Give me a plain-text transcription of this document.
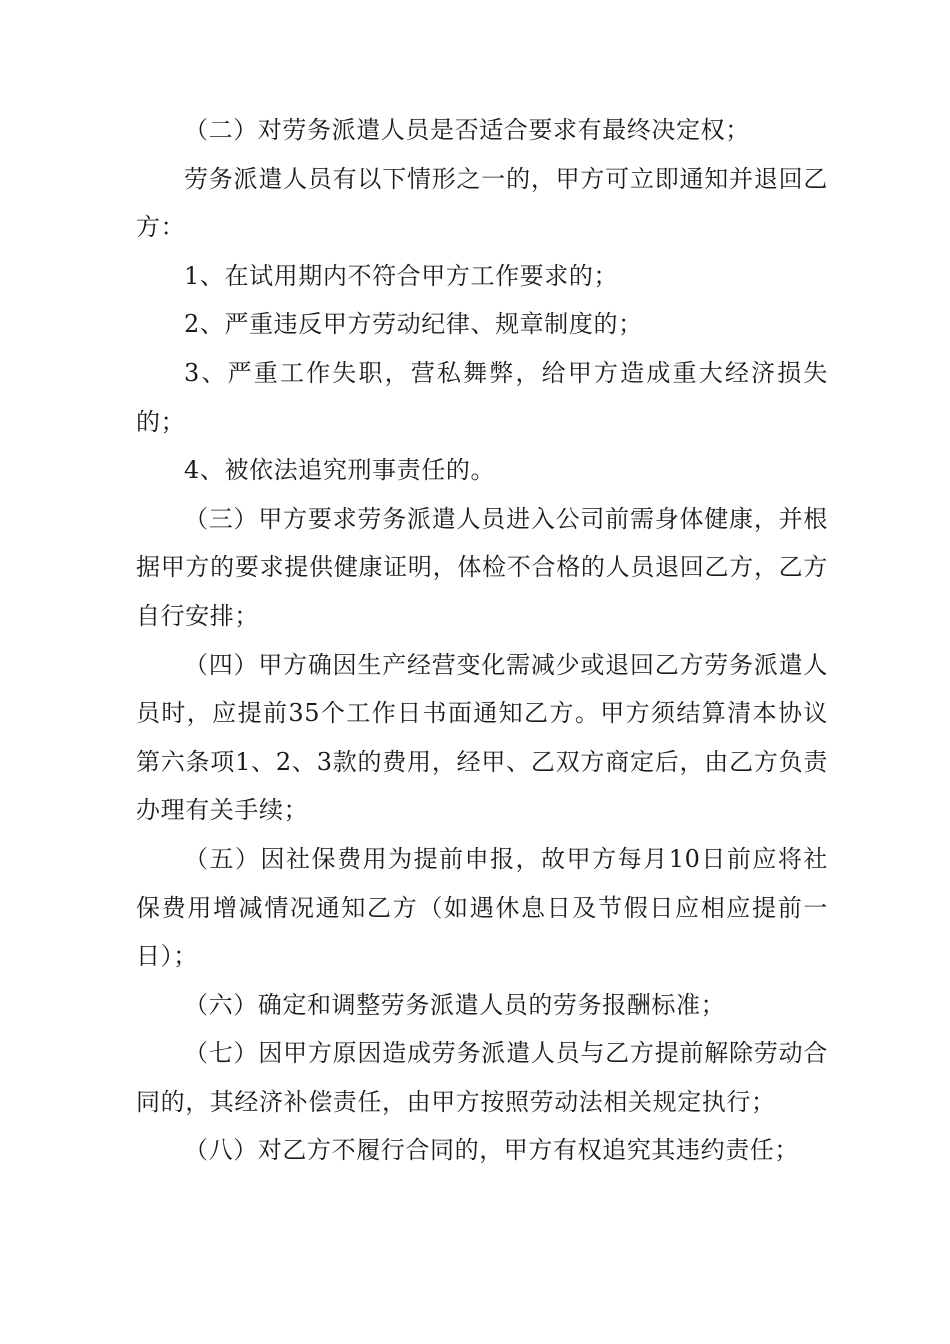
（二）对劳务派遣人员是否适合要求有最终决定权；

劳务派遣人员有以下情形之一的，甲方可立即通知并退回乙方：

1、在试用期内不符合甲方工作要求的；

2、严重违反甲方劳动纪律、规章制度的；

3、严重工作失职，营私舞弊，给甲方造成重大经济损失的；

4、被依法追究刑事责任的。

（三）甲方要求劳务派遣人员进入公司前需身体健康，并根据甲方的要求提供健康证明，体检不合格的人员退回乙方，乙方自行安排；

（四）甲方确因生产经营变化需减少或退回乙方劳务派遣人员时，应提前35个工作日书面通知乙方。甲方须结算清本协议第六条项1、2、3款的费用，经甲、乙双方商定后，由乙方负责办理有关手续；

（五）因社保费用为提前申报，故甲方每月10日前应将社保费用增减情况通知乙方（如遇休息日及节假日应相应提前一日）；

（六）确定和调整劳务派遣人员的劳务报酬标准；

（七）因甲方原因造成劳务派遣人员与乙方提前解除劳动合同的，其经济补偿责任，由甲方按照劳动法相关规定执行；

（八）对乙方不履行合同的，甲方有权追究其违约责任；
